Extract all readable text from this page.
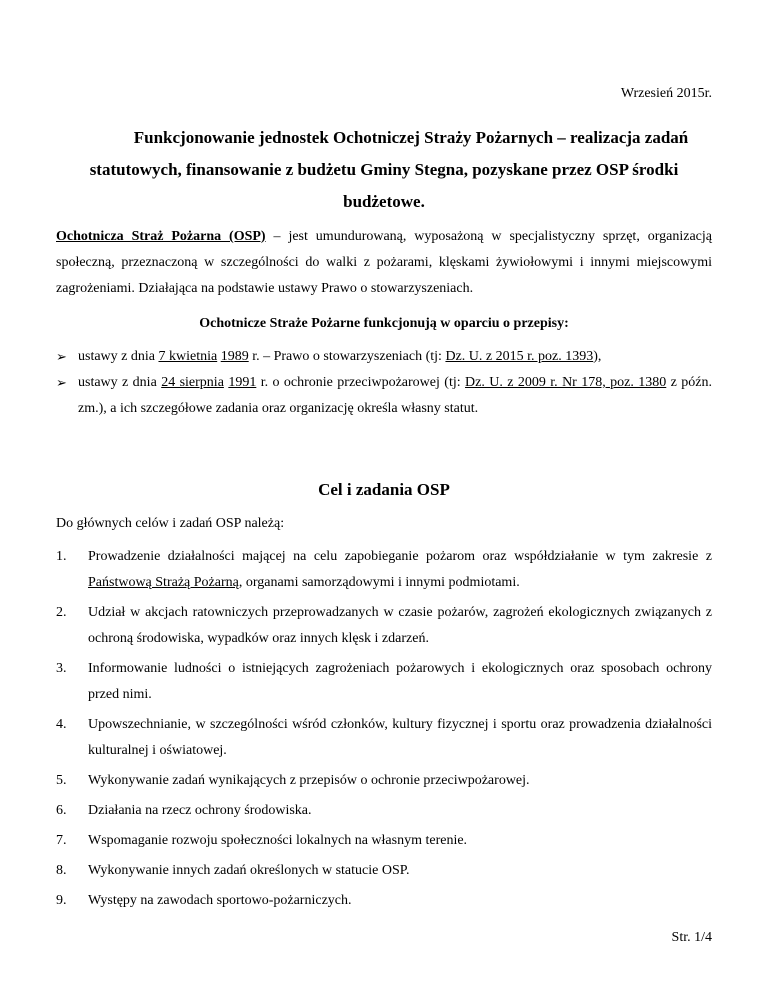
Wrzesień 2015r.
Funkcjonowanie jednostek Ochotniczej Straży Pożarnych – realizacja zadań
statutowych, finansowanie z budżetu Gminy Stegna, pozyskane przez OSP środki
budżetowe.
Ochotnicza Straż Pożarna (OSP) – jest umundurowaną, wyposażoną w specjalistyczny sprzęt, organizacją społeczną, przeznaczoną w szczególności do walki z pożarami, klęskami żywiołowymi i innymi miejscowymi zagrożeniami. Działająca na podstawie ustawy Prawo o stowarzyszeniach.
Ochotnicze Straże Pożarne funkcjonują w oparciu o przepisy:
➢ ustawy z dnia 7 kwietnia 1989 r. – Prawo o stowarzyszeniach (tj: Dz. U. z 2015 r. poz. 1393),
➢ ustawy z dnia 24 sierpnia 1991 r. o ochronie przeciwpożarowej (tj: Dz. U. z 2009 r. Nr 178, poz. 1380 z późn. zm.), a ich szczegółowe zadania oraz organizację określa własny statut.
Cel i zadania OSP
Do głównych celów i zadań OSP należą:
1. Prowadzenie działalności mającej na celu zapobieganie pożarom oraz współdziałanie w tym zakresie z Państwową Strażą Pożarną, organami samorządowymi i innymi podmiotami.
2. Udział w akcjach ratowniczych przeprowadzanych w czasie pożarów, zagrożeń ekologicznych związanych z ochroną środowiska, wypadków oraz innych klęsk i zdarzeń.
3. Informowanie ludności o istniejących zagrożeniach pożarowych i ekologicznych oraz sposobach ochrony przed nimi.
4. Upowszechnianie, w szczególności wśród członków, kultury fizycznej i sportu oraz prowadzenia działalności kulturalnej i oświatowej.
5. Wykonywanie zadań wynikających z przepisów o ochronie przeciwpożarowej.
6. Działania na rzecz ochrony środowiska.
7. Wspomaganie rozwoju społeczności lokalnych na własnym terenie.
8. Wykonywanie innych zadań określonych w statucie OSP.
9. Występy na zawodach sportowo-pożarniczych.
Str. 1/4
